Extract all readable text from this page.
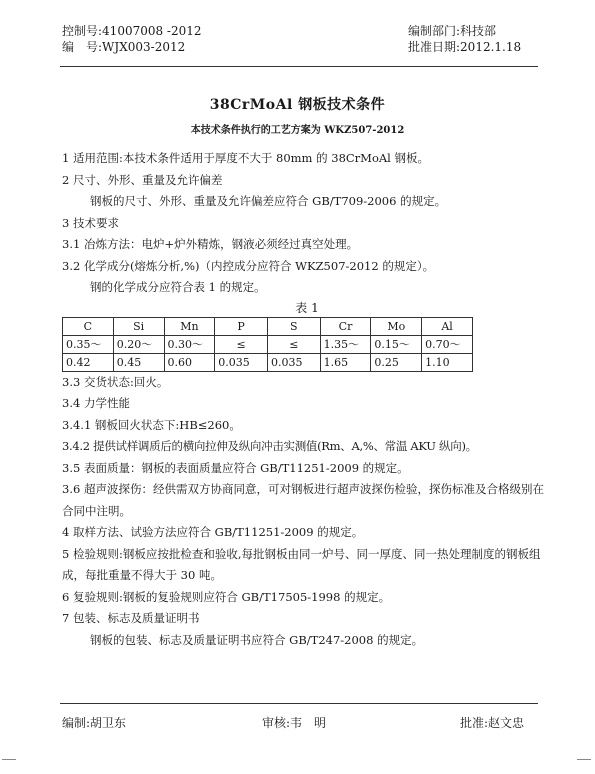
控制号:41007008 -2012
编　号:WJX003-2012
编制部门:科技部
批准日期:2012.1.18
38CrMoAl 钢板技术条件
本技术条件执行的工艺方案为 WKZ507-2012
1 适用范围:本技术条件适用于厚度不大于 80mm 的 38CrMoAl 钢板。
2 尺寸、外形、重量及允许偏差
钢板的尺寸、外形、重量及允许偏差应符合 GB/T709-2006 的规定。
3 技术要求
3.1 冶炼方法：电炉+炉外精炼，钢液必须经过真空处理。
3.2 化学成分(熔炼分析,%)（内控成分应符合 WKZ507-2012 的规定）。
钢的化学成分应符合表 1 的规定。
表 1
C	Si	Mn	P	S	Cr	Mo	Al
0.35～	0.20～	0.30～	≤	≤	1.35～	0.15～	0.70～
0.42	0.45	0.60	0.035	0.035	1.65	0.25	1.10
3.3 交货状态:回火。
3.4 力学性能
3.4.1 钢板回火状态下:HB≤260。
3.4.2 提供试样调质后的横向拉伸及纵向冲击实测值(Rm、A,%、常温 AKU 纵向)。
3.5 表面质量：钢板的表面质量应符合 GB/T11251-2009 的规定。
3.6 超声波探伤：经供需双方协商同意，可对钢板进行超声波探伤检验，探伤标准及合格级别在合同中注明。
4 取样方法、试验方法应符合 GB/T11251-2009 的规定。
5 检验规则:钢板应按批检查和验收,每批钢板由同一炉号、同一厚度、同一热处理制度的钢板组成，每批重量不得大于 30 吨。
6 复验规则:钢板的复验规则应符合 GB/T17505-1998 的规定。
7 包装、标志及质量证明书
钢板的包装、标志及质量证明书应符合 GB/T247-2008 的规定。
编制:胡卫东	审核:韦　明	批准:赵文忠
